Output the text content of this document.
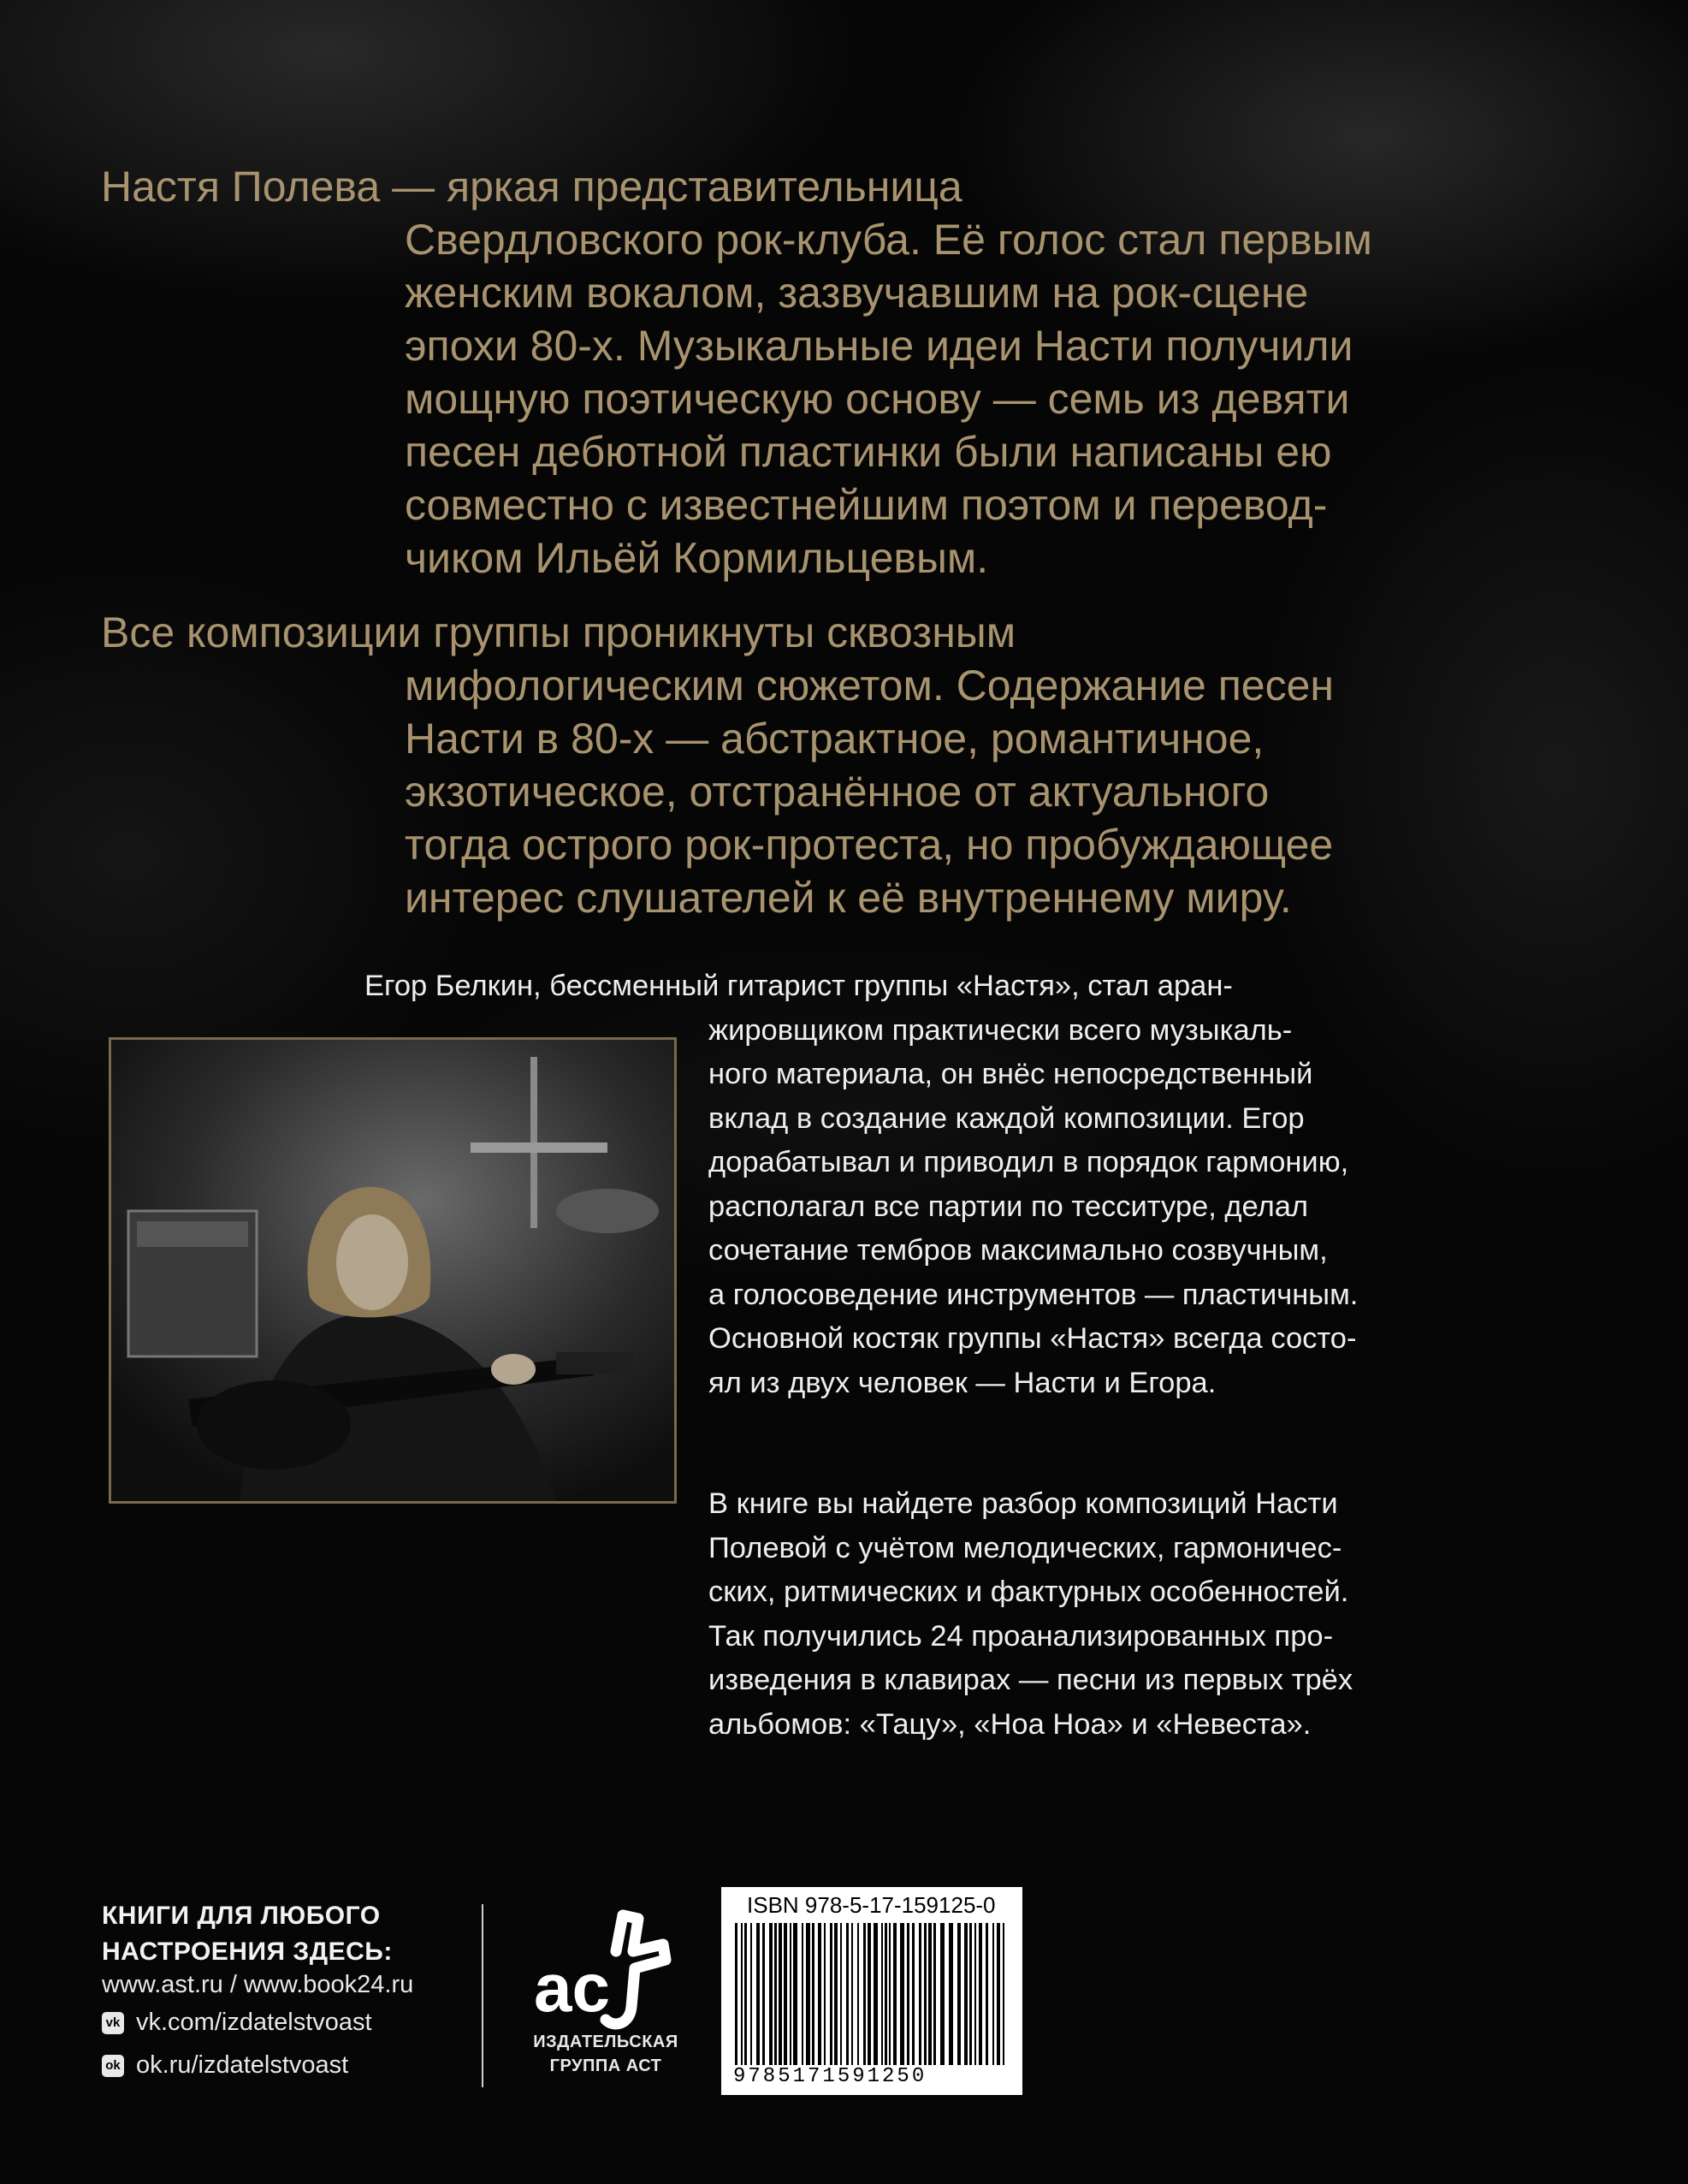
Настя Полева — яркая представительница
Свердловского рок-клуба. Её голос стал первым
женским вокалом, зазвучавшим на рок-сцене
эпохи 80-х. Музыкальные идеи Насти получили
мощную поэтическую основу — семь из девяти
песен дебютной пластинки были написаны ею
совместно с известнейшим поэтом и перевод-
чиком Ильёй Кормильцевым.
Все композиции группы проникнуты сквозным
мифологическим сюжетом. Содержание песен
Насти в 80-х — абстрактное, романтичное,
экзотическое, отстранённое от актуального
тогда острого рок-протеста, но пробуждающее
интерес слушателей к её внутреннему миру.
Егор Белкин, бессменный гитарист группы «Настя», стал аран-
жировщиком практически всего музыкаль-
ного материала, он внёс непосредственный
вклад в создание каждой композиции. Егор
дорабатывал и приводил в порядок гармонию,
располагал все партии по тесситуре, делал
сочетание тембров максимально созвучным,
а голосоведение инструментов — пластичным.
Основной костяк группы «Настя» всегда состо-
ял из двух человек — Насти и Егора.
В книге вы найдете разбор композиций Насти
Полевой с учётом мелодических, гармоничес-
ских, ритмических и фактурных особенностей.
Так получились 24 проанализированных про-
изведения в клавирах — песни из первых трёх
альбомов: «Тацу», «Ноа Ноа» и «Невеста».
КНИГИ ДЛЯ ЛЮБОГО
НАСТРОЕНИЯ ЗДЕСЬ:
www.ast.ru / www.book24.ru
vk vk.com/izdatelstvoast
ok ok.ru/izdatelstvoast
ас
ИЗДАТЕЛЬСКАЯ
ГРУППА АСТ
ISBN 978-5-17-159125-0
9785171591250
